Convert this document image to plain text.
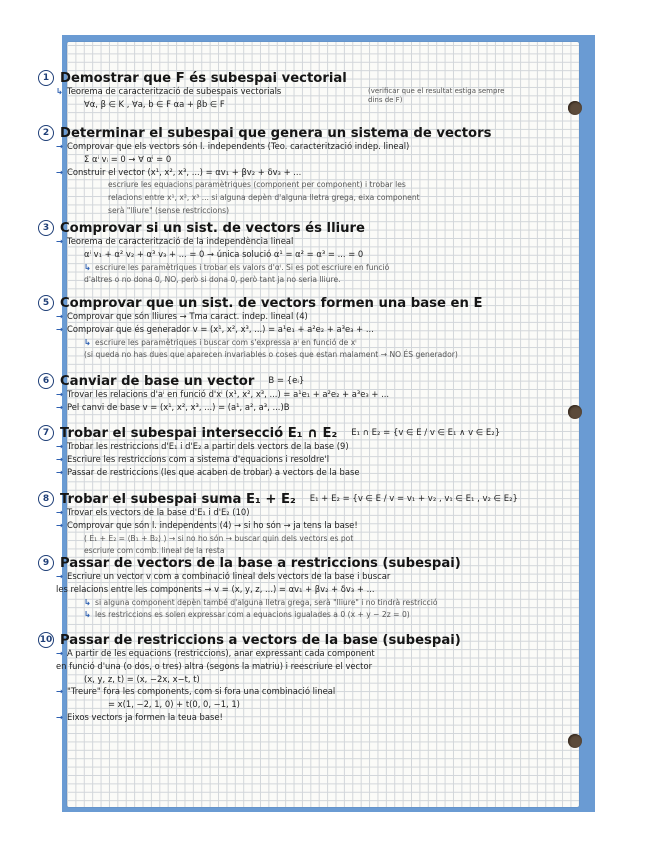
1 Demostrar que F és subespai vectorial
↳ Teorema de caracterització de subespais vectorials
∀α, β ∈ K , ∀a, b ∈ F αa + βb ∈ F
(verificar que el resultat estiga sempre dins de F)
2 Determinar el subespai que genera un sistema de vectors
→ Comprovar que els vectors són l. independents (Teo. caracterització indep. lineal)
Σ αⁱ vᵢ = 0 → ∀ αⁱ = 0
→ Construir el vector (x¹, x², x³, ...) = αv₁ + βv₂ + δv₃ + ...
escriure les equacions paramètriques (component per component) i trobar les
relacions entre x¹, x², x³ ... si alguna depèn d'alguna lletra grega, eixa component
serà "lliure" (sense restriccions)
3 Comprovar si un sist. de vectors és lliure
→ Teorema de caracterització de la independència lineal
αⁱ v₁ + α² v₂ + α³ v₃ + ... = 0 → única solució α¹ = α² = α³ = ... = 0
↳ escriure les paramètriques i trobar els valors d'αⁱ. Si es pot escriure en funció
d'altres o no dona 0, NO, però si dona 0, però tant ja no seria lliure.
5 Comprovar que un sist. de vectors formen una base en E
→ Comprovar que són lliures → Tma caract. indep. lineal (4)
→ Comprovar que és generador v = (x¹, x², x³, ...) = a¹e₁ + a²e₂ + a³e₃ + ...
↳ escriure les paramètriques i buscar com s'expressa aⁱ en funció de xⁱ
(si queda no has dues que aparecen invariables o coses que estan malament → NO ÉS generador)
6 Canviar de base un vector B = {eᵢ}
→ Trovar les relacions d'aⁱ en funció d'xⁱ (x¹, x², x³, ...) = a¹e₁ + a²e₂ + a³e₃ + ...
→ Pel canvi de base v = (x¹, x², x³, ...) = (a¹, a², a³, ...)B
7 Trobar el subespai intersecció E₁ ∩ E₂ E₁ ∩ E₂ = {v ∈ E / v ∈ E₁ ∧ v ∈ E₂}
→ Trobar les restriccions d'E₁ i d'E₂ a partir dels vectors de la base (9)
→ Escriure les restriccions com a sistema d'equacions i resoldre'l
→ Passar de restriccions (les que acaben de trobar) a vectors de la base
8 Trobar el subespai suma E₁ + E₂ E₁ + E₂ = {v ∈ E / v = v₁ + v₂ , v₁ ∈ E₁ , v₂ ∈ E₂}
→ Trovar els vectors de la base d'E₁ i d'E₂ (10)
→ Comprovar que són l. independents (4) → si ho són → ja tens la base!
( E₁ + E₂ = ⟨B₁ + B₂⟩ ) → si no ho són → buscar quin dels vectors es pot
escriure com comb. lineal de la resta
9 Passar de vectors de la base a restriccions (subespai)
→ Escriure un vector v com a combinació lineal dels vectors de la base i buscar
les relacions entre les components → v = (x, y, z, ...) = αv₁ + βv₂ + δv₃ + ...
↳ si alguna component depèn també d'alguna lletra grega, serà "lliure" i no tindrà restricció
↳ les restriccions es solen expressar com a equacions igualades a 0 (x + y − 2z = 0)
10 Passar de restriccions a vectors de la base (subespai)
→ A partir de les equacions (restriccions), anar expressant cada component
en funció d'una (o dos, o tres) altra (segons la matriu) i reescriure el vector
(x, y, z, t) = (x, −2x, x−t, t)
→ "Treure" fora les components, com si fora una combinació lineal
= x(1, −2, 1, 0) + t(0, 0, −1, 1)
→ Eixos vectors ja formen la teua base!
